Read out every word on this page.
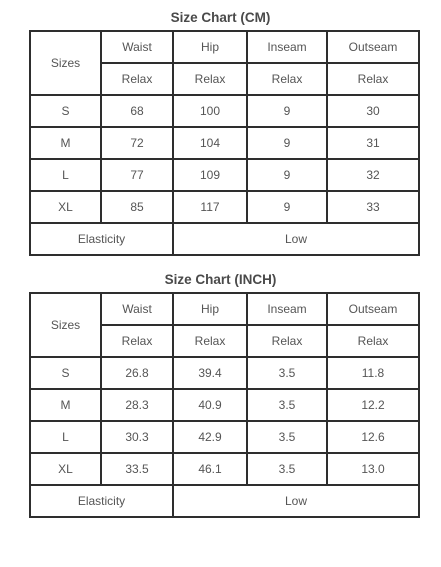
Size Chart (CM)
Sizes	Waist	Hip	Inseam	Outseam
	Relax	Relax	Relax	Relax
S	68	100	9	30
M	72	104	9	31
L	77	109	9	32
XL	85	117	9	33
Elasticity		Low		
Size Chart (INCH)
Sizes	Waist	Hip	Inseam	Outseam
	Relax	Relax	Relax	Relax
S	26.8	39.4	3.5	11.8
M	28.3	40.9	3.5	12.2
L	30.3	42.9	3.5	12.6
XL	33.5	46.1	3.5	13.0
Elasticity		Low		
